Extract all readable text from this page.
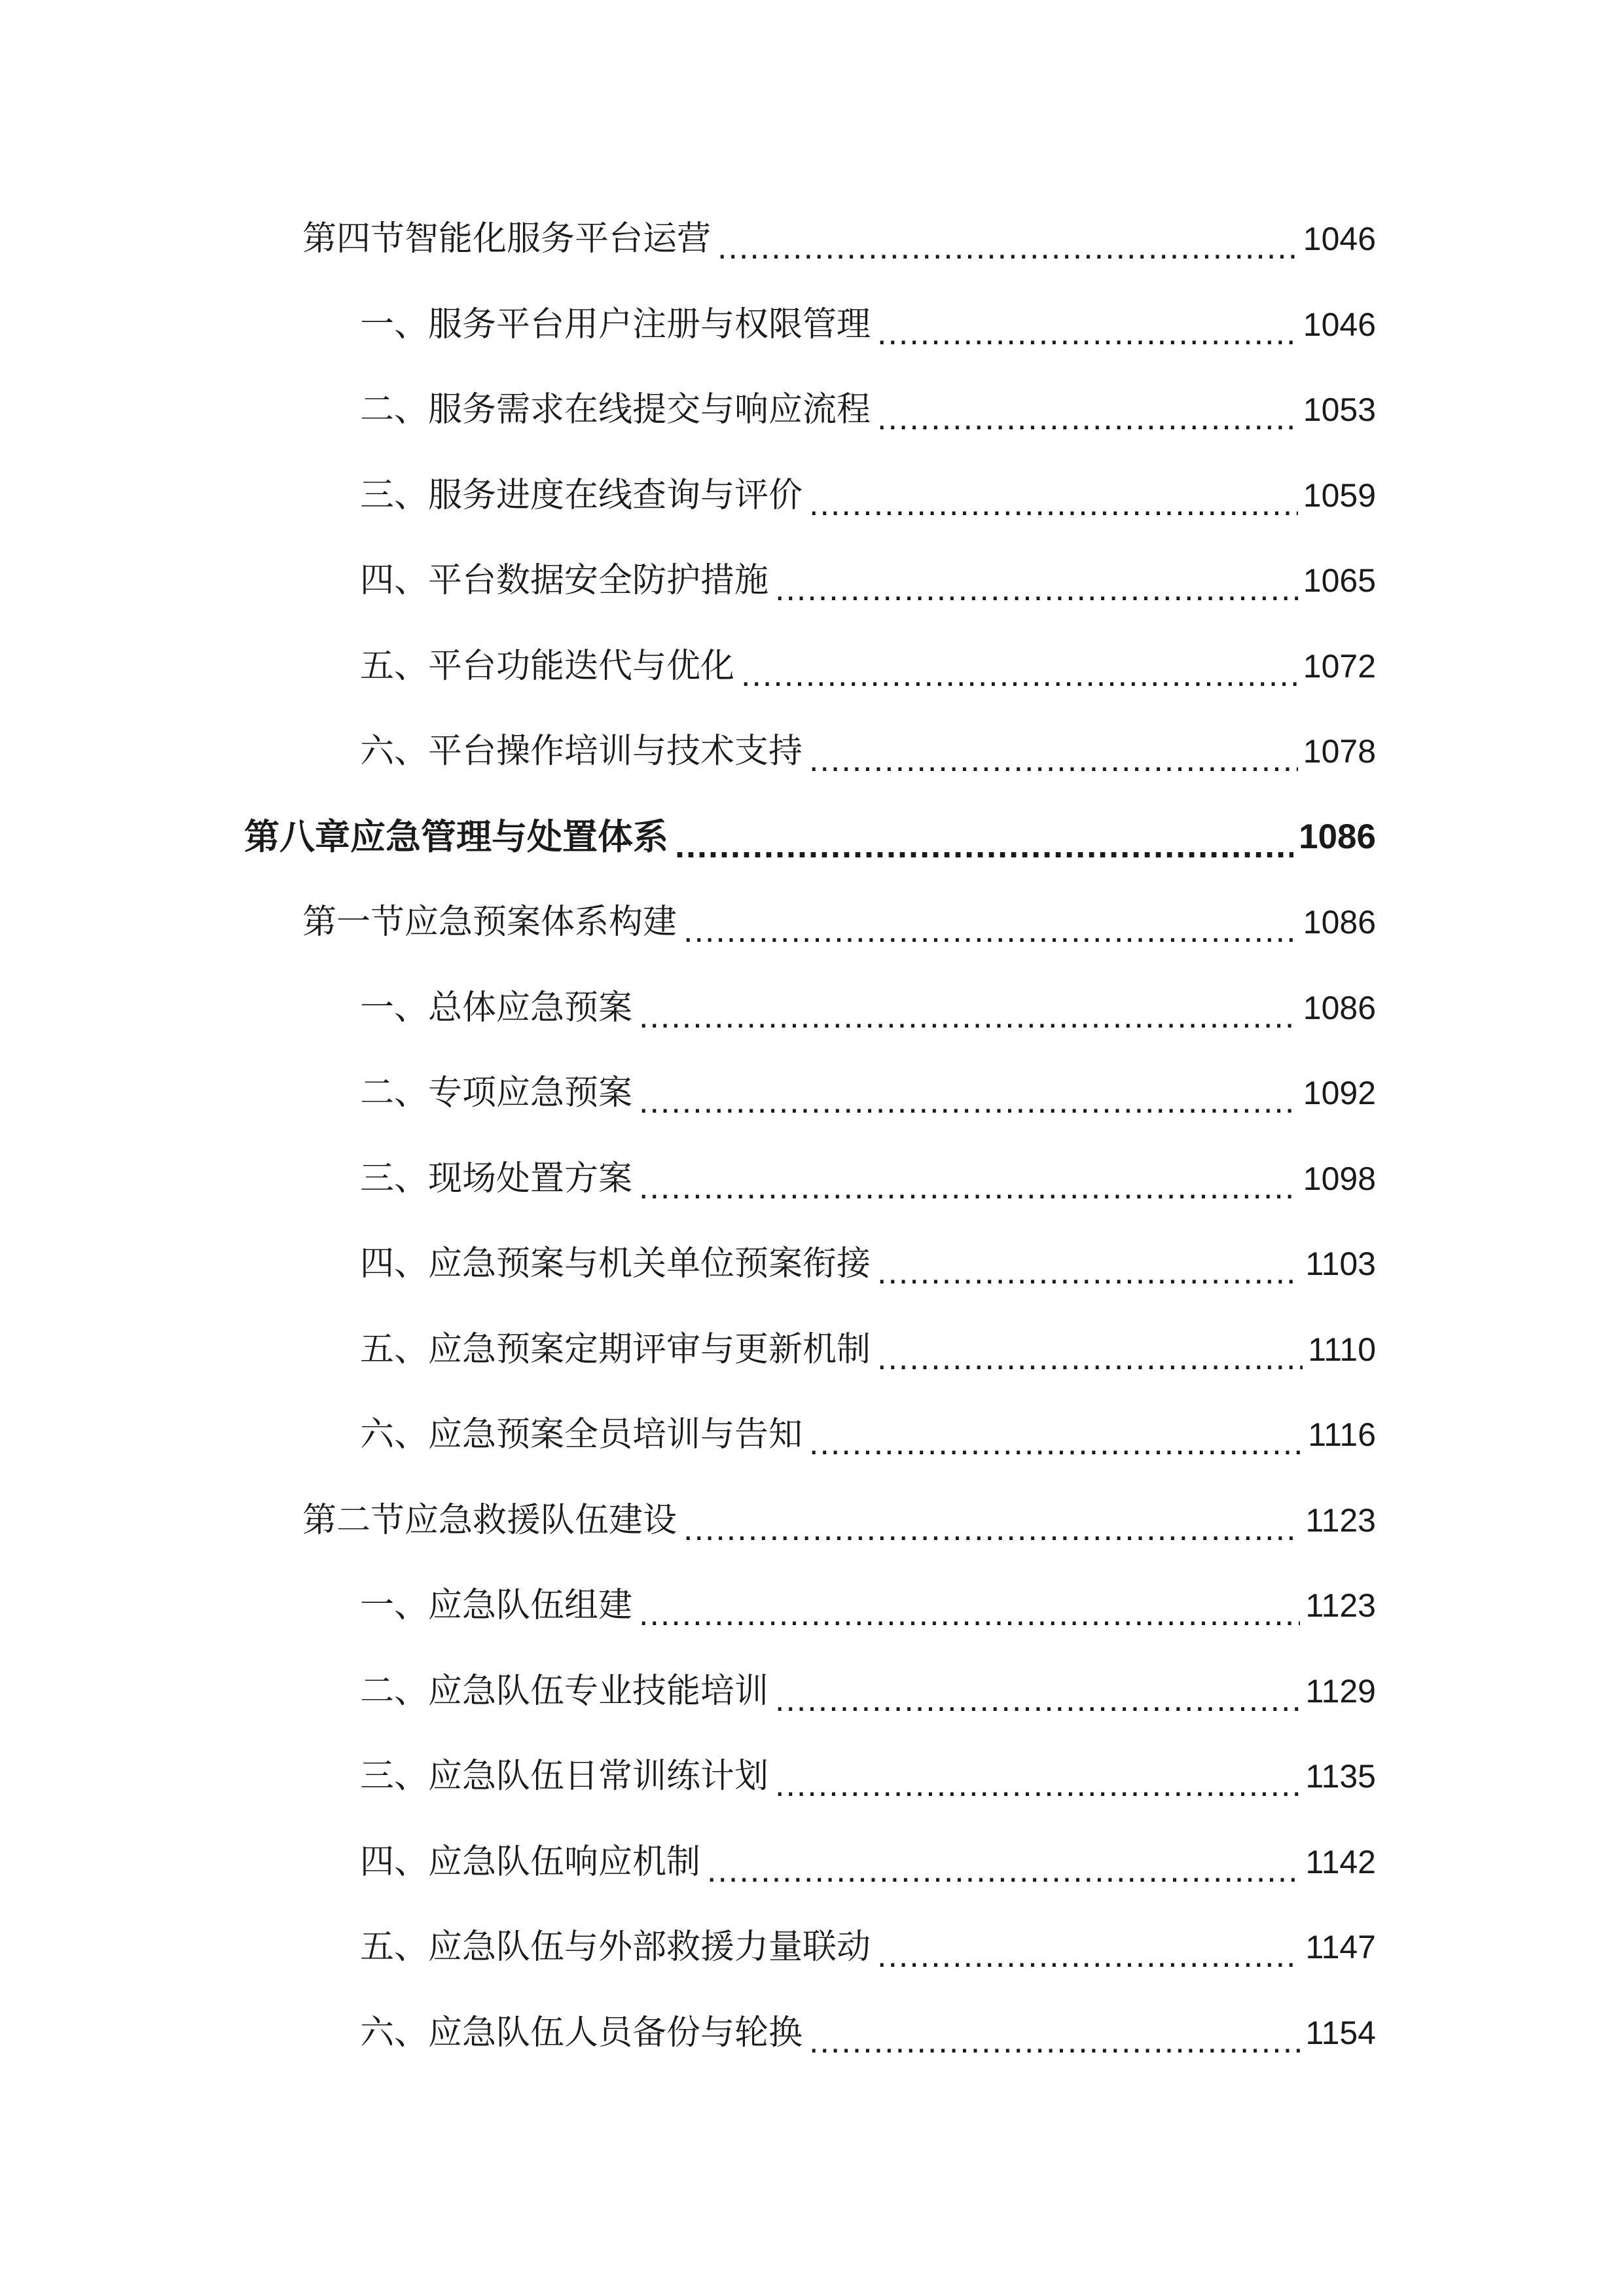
第四节智能化服务平台运营 .....	1046
一、服务平台用户注册与权限管理 .....	1046
二、服务需求在线提交与响应流程 .....	1053
三、服务进度在线查询与评价 .....	1059
四、平台数据安全防护措施 .....	1065
五、平台功能迭代与优化 .....	1072
六、平台操作培训与技术支持 .....	1078
第八章应急管理与处置体系 .....	1086
第一节应急预案体系构建 .....	1086
一、总体应急预案 .....	1086
二、专项应急预案 .....	1092
三、现场处置方案 .....	1098
四、应急预案与机关单位预案衔接 .....	1103
五、应急预案定期评审与更新机制 .....	1110
六、应急预案全员培训与告知 .....	1116
第二节应急救援队伍建设 .....	1123
一、应急队伍组建 .....	1123
二、应急队伍专业技能培训 .....	1129
三、应急队伍日常训练计划 .....	1135
四、应急队伍响应机制 .....	1142
五、应急队伍与外部救援力量联动 .....	1147
六、应急队伍人员备份与轮换 .....	1154
